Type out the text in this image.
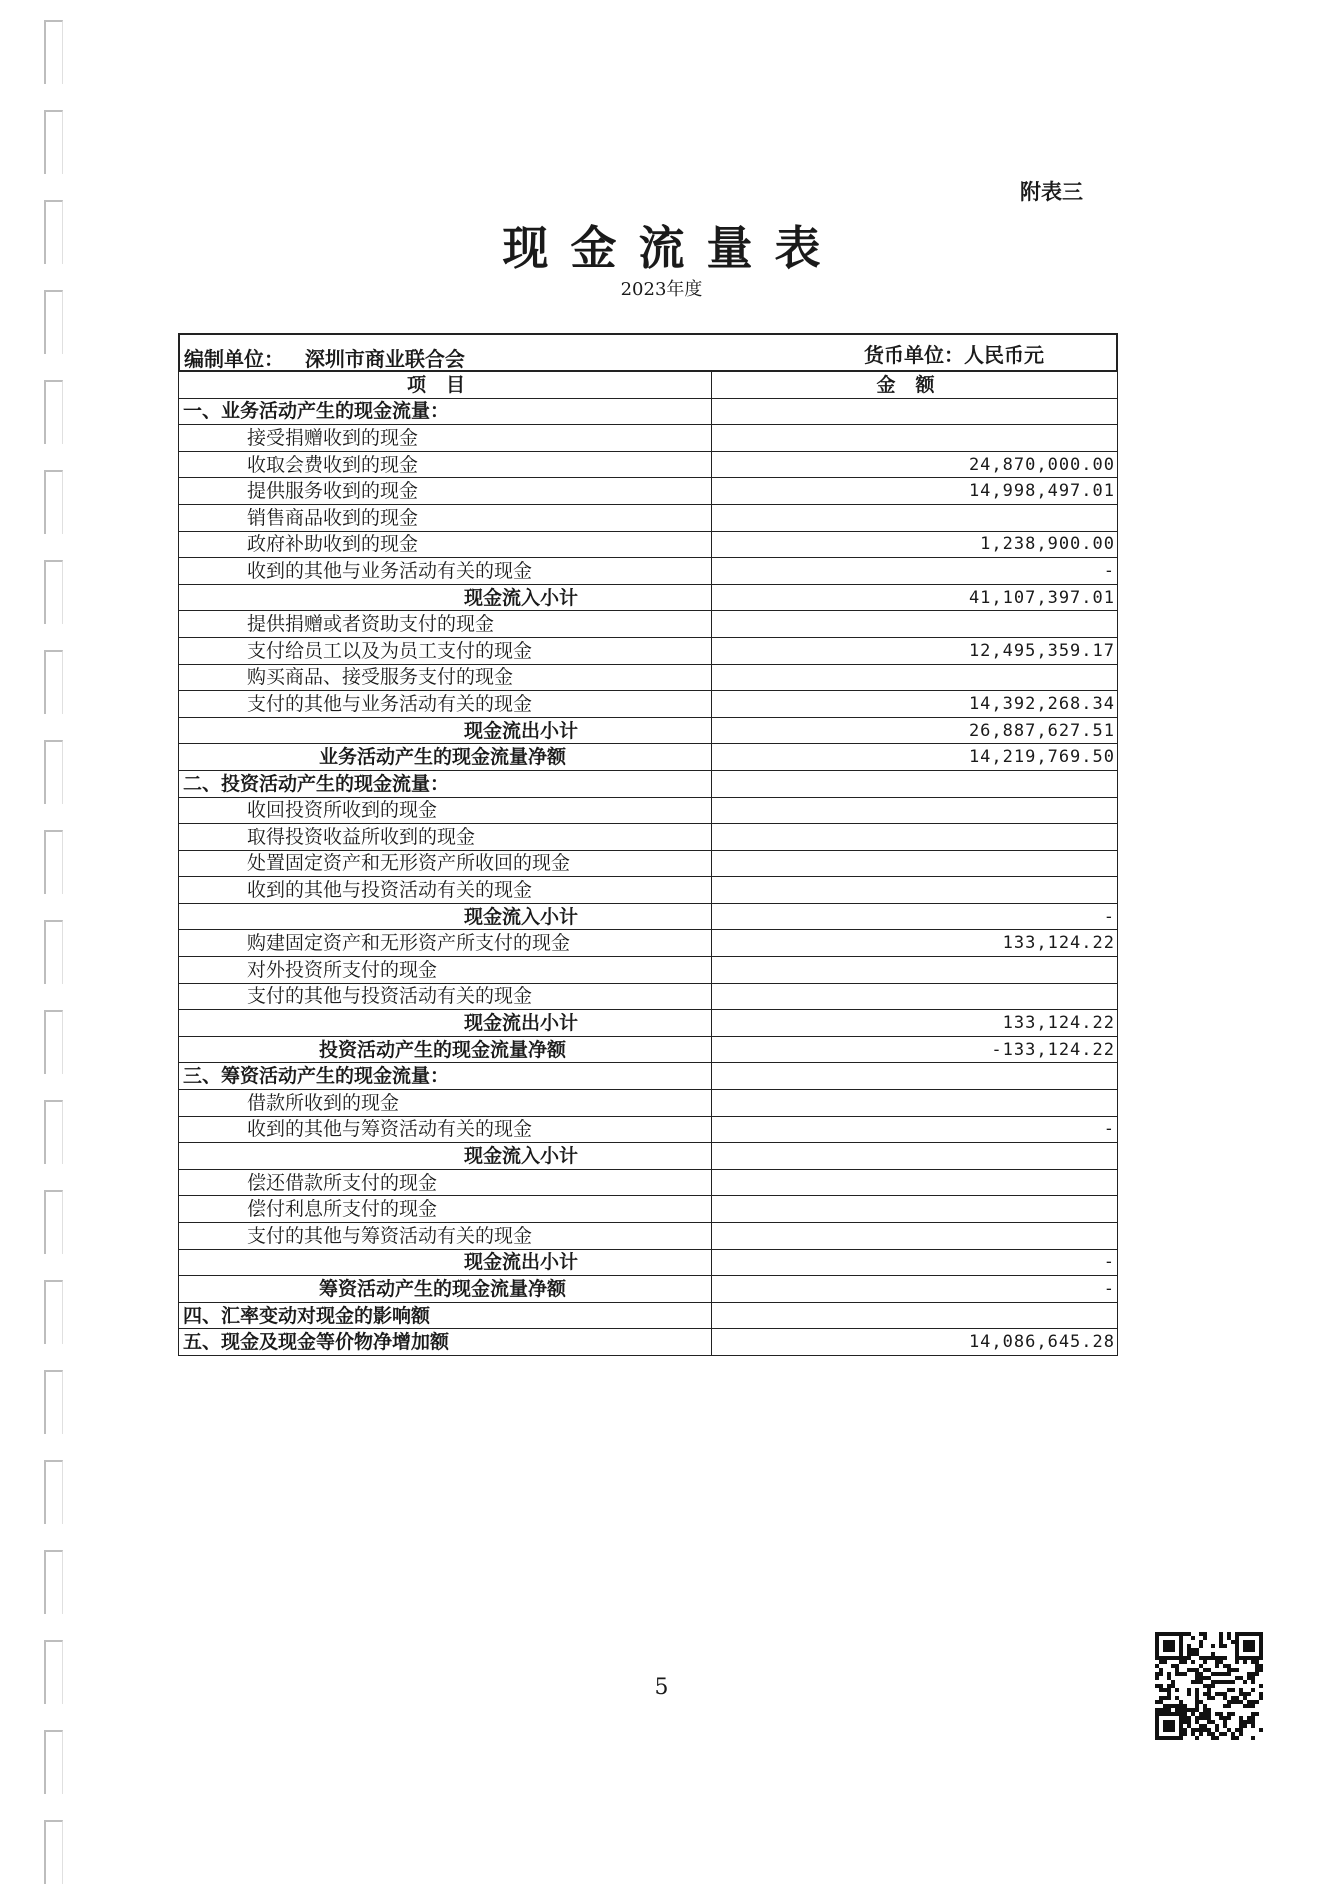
附表三
现金流量表
2023年度
编制单位： 深圳市商业联合会	货币单位：人民币元
项目	金额
一、业务活动产生的现金流量：	
接受捐赠收到的现金	
收取会费收到的现金	24,870,000.00
提供服务收到的现金	14,998,497.01
销售商品收到的现金	
政府补助收到的现金	1,238,900.00
收到的其他与业务活动有关的现金	-
现金流入小计	41,107,397.01
提供捐赠或者资助支付的现金	
支付给员工以及为员工支付的现金	12,495,359.17
购买商品、接受服务支付的现金	
支付的其他与业务活动有关的现金	14,392,268.34
现金流出小计	26,887,627.51
业务活动产生的现金流量净额	14,219,769.50
二、投资活动产生的现金流量：	
收回投资所收到的现金	
取得投资收益所收到的现金	
处置固定资产和无形资产所收回的现金	
收到的其他与投资活动有关的现金	
现金流入小计	-
购建固定资产和无形资产所支付的现金	133,124.22
对外投资所支付的现金	
支付的其他与投资活动有关的现金	
现金流出小计	133,124.22
投资活动产生的现金流量净额	-133,124.22
三、筹资活动产生的现金流量：	
借款所收到的现金	
收到的其他与筹资活动有关的现金	-
现金流入小计	
偿还借款所支付的现金	
偿付利息所支付的现金	
支付的其他与筹资活动有关的现金	
现金流出小计	-
筹资活动产生的现金流量净额	-
四、汇率变动对现金的影响额	
五、现金及现金等价物净增加额	14,086,645.28
5
